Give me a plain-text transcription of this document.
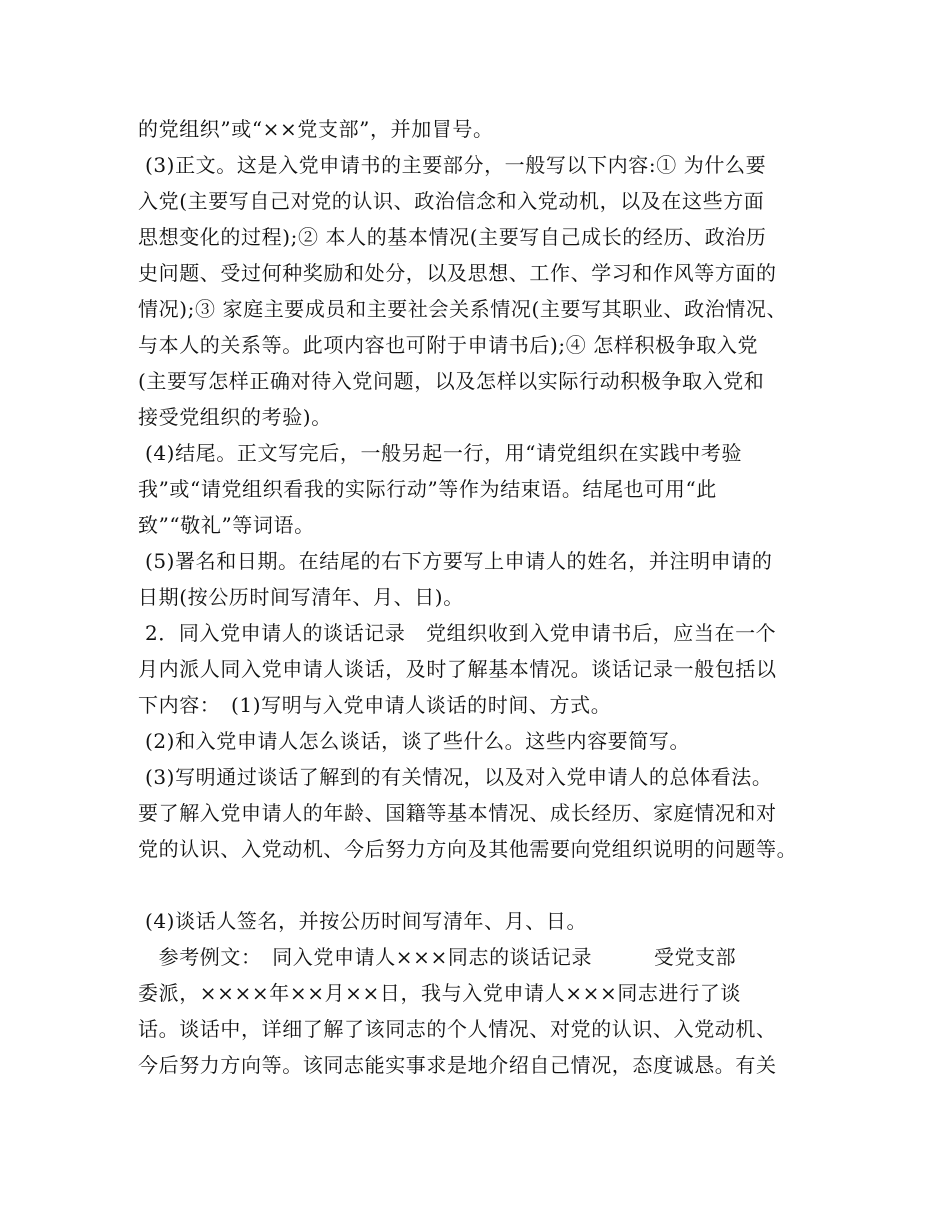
的党组织”或“××党支部”，并加冒号。
(3)正文。这是入党申请书的主要部分，一般写以下内容:① 为什么要
入党(主要写自己对党的认识、政治信念和入党动机，以及在这些方面
思想变化的过程);② 本人的基本情况(主要写自己成长的经历、政治历
史问题、受过何种奖励和处分，以及思想、工作、学习和作风等方面的
情况);③ 家庭主要成员和主要社会关系情况(主要写其职业、政治情况、
与本人的关系等。此项内容也可附于申请书后);④ 怎样积极争取入党
(主要写怎样正确对待入党问题，以及怎样以实际行动积极争取入党和
接受党组织的考验)。
(4)结尾。正文写完后，一般另起一行，用“请党组织在实践中考验
我”或“请党组织看我的实际行动”等作为结束语。结尾也可用“此
致”“敬礼”等词语。
(5)署名和日期。在结尾的右下方要写上申请人的姓名，并注明申请的
日期(按公历时间写清年、月、日)。
2．同入党申请人的谈话记录　党组织收到入党申请书后，应当在一个
月内派人同入党申请人谈话，及时了解基本情况。谈话记录一般包括以
下内容：　(1)写明与入党申请人谈话的时间、方式。
(2)和入党申请人怎么谈话，谈了些什么。这些内容要简写。
(3)写明通过谈话了解到的有关情况，以及对入党申请人的总体看法。
要了解入党申请人的年龄、国籍等基本情况、成长经历、家庭情况和对
党的认识、入党动机、今后努力方向及其他需要向党组织说明的问题等。
(4)谈话人签名，并按公历时间写清年、月、日。
　参考例文：　同入党申请人×××同志的谈话记录　　　受党支部
委派，××××年××月××日，我与入党申请人×××同志进行了谈
话。谈话中，详细了解了该同志的个人情况、对党的认识、入党动机、
今后努力方向等。该同志能实事求是地介绍自己情况，态度诚恳。有关
